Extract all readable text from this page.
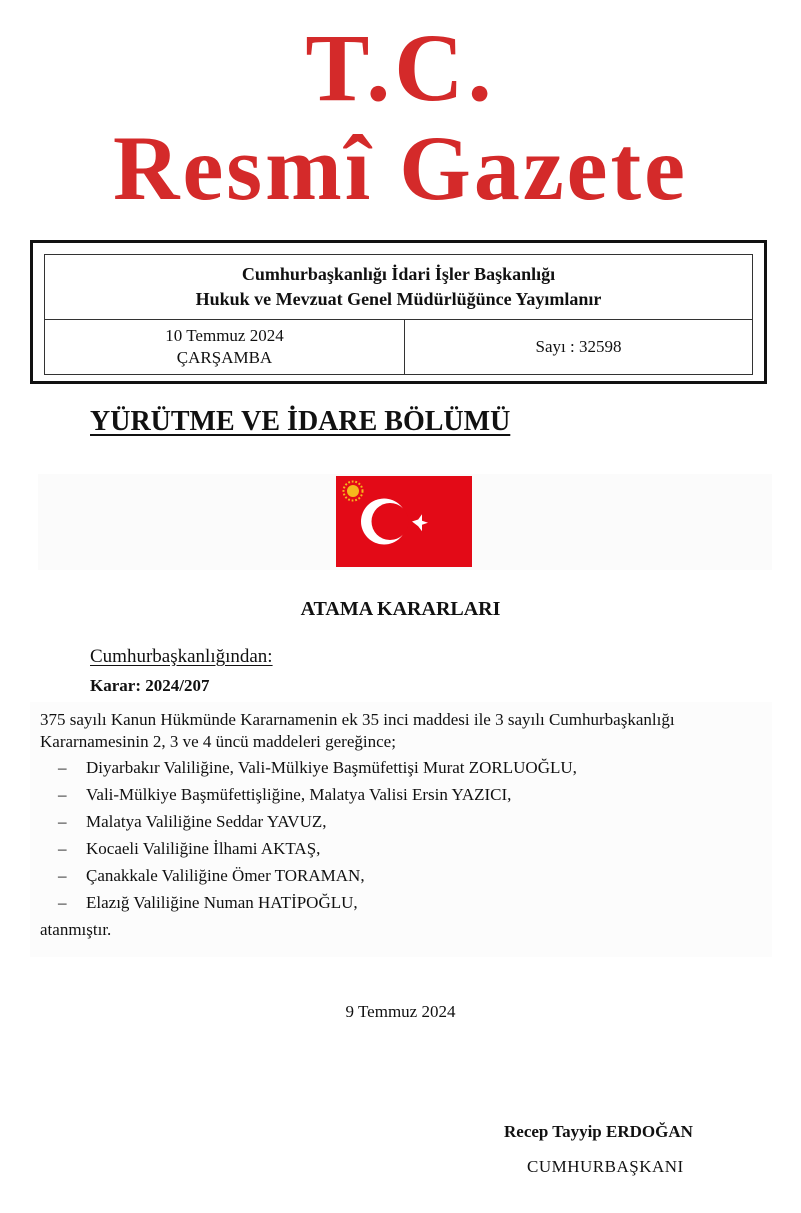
T.C.
Resmî Gazete
Cumhurbaşkanlığı İdari İşler Başkanlığı
Hukuk ve Mevzuat Genel Müdürlüğünce Yayımlanır
10 Temmuz 2024
ÇARŞAMBA
Sayı : 32598
YÜRÜTME VE İDARE BÖLÜMÜ
ATAMA KARARLARI
Cumhurbaşkanlığından:
Karar: 2024/207
375 sayılı Kanun Hükmünde Kararnamenin ek 35 inci maddesi ile 3 sayılı Cumhurbaşkanlığı
Kararnamesinin 2, 3 ve 4 üncü maddeleri gereğince;
– Diyarbakır Valiliğine, Vali-Mülkiye Başmüfettişi Murat ZORLUOĞLU,
– Vali-Mülkiye Başmüfettişliğine, Malatya Valisi Ersin YAZICI,
– Malatya Valiliğine Seddar YAVUZ,
– Kocaeli Valiliğine İlhami AKTAŞ,
– Çanakkale Valiliğine Ömer TORAMAN,
– Elazığ Valiliğine Numan HATİPOĞLU,
atanmıştır.
9 Temmuz 2024
Recep Tayyip ERDOĞAN
CUMHURBAŞKANI
